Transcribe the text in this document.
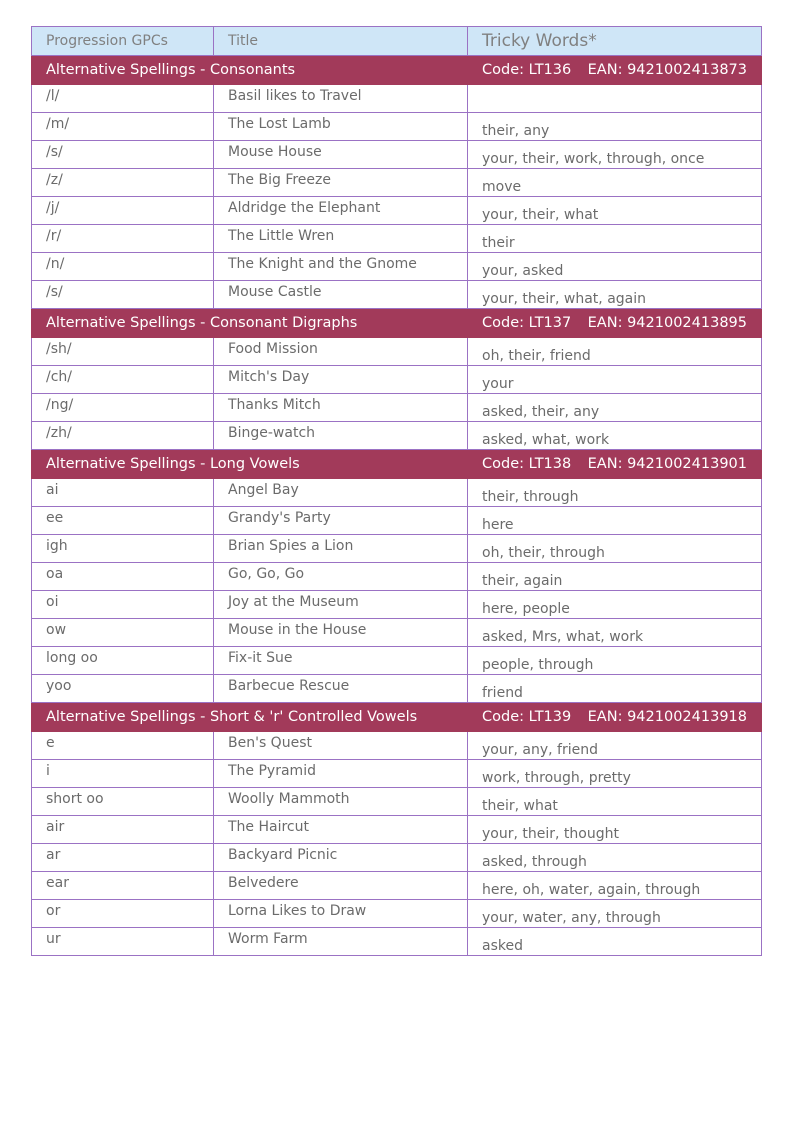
Progression GPCs	Title	Tricky Words*
Alternative Spellings - Consonants		Code: LT136 EAN: 9421002413873

/l/	Basil likes to Travel	
/m/	The Lost Lamb	their, any
/s/	Mouse House	your, their, work, through, once
/z/	The Big Freeze	move
/j/	Aldridge the Elephant	your, their, what
/r/	The Little Wren	their
/n/	The Knight and the Gnome	your, asked
/s/	Mouse Castle	your, their, what, again
Alternative Spellings - Consonant Digraphs		Code: LT137 EAN: 9421002413895

/sh/	Food Mission	oh, their, friend
/ch/	Mitch's Day	your
/ng/	Thanks Mitch	asked, their, any
/zh/	Binge-watch	asked, what, work
Alternative Spellings - Long Vowels		Code: LT138 EAN: 9421002413901

ai	Angel Bay	their, through
ee	Grandy's Party	here
igh	Brian Spies a Lion	oh, their, through
oa	Go, Go, Go	their, again
oi	Joy at the Museum	here, people
ow	Mouse in the House	asked, Mrs, what, work
long oo	Fix-it Sue	people, through
yoo	Barbecue Rescue	friend
Alternative Spellings - Short & 'r' Controlled Vowels		Code: LT139 EAN: 9421002413918

e	Ben's Quest	your, any, friend
i	The Pyramid	work, through, pretty
short oo	Woolly Mammoth	their, what
air	The Haircut	your, their, thought
ar	Backyard Picnic	asked, through
ear	Belvedere	here, oh, water, again, through
or	Lorna Likes to Draw	your, water, any, through
ur	Worm Farm	asked
